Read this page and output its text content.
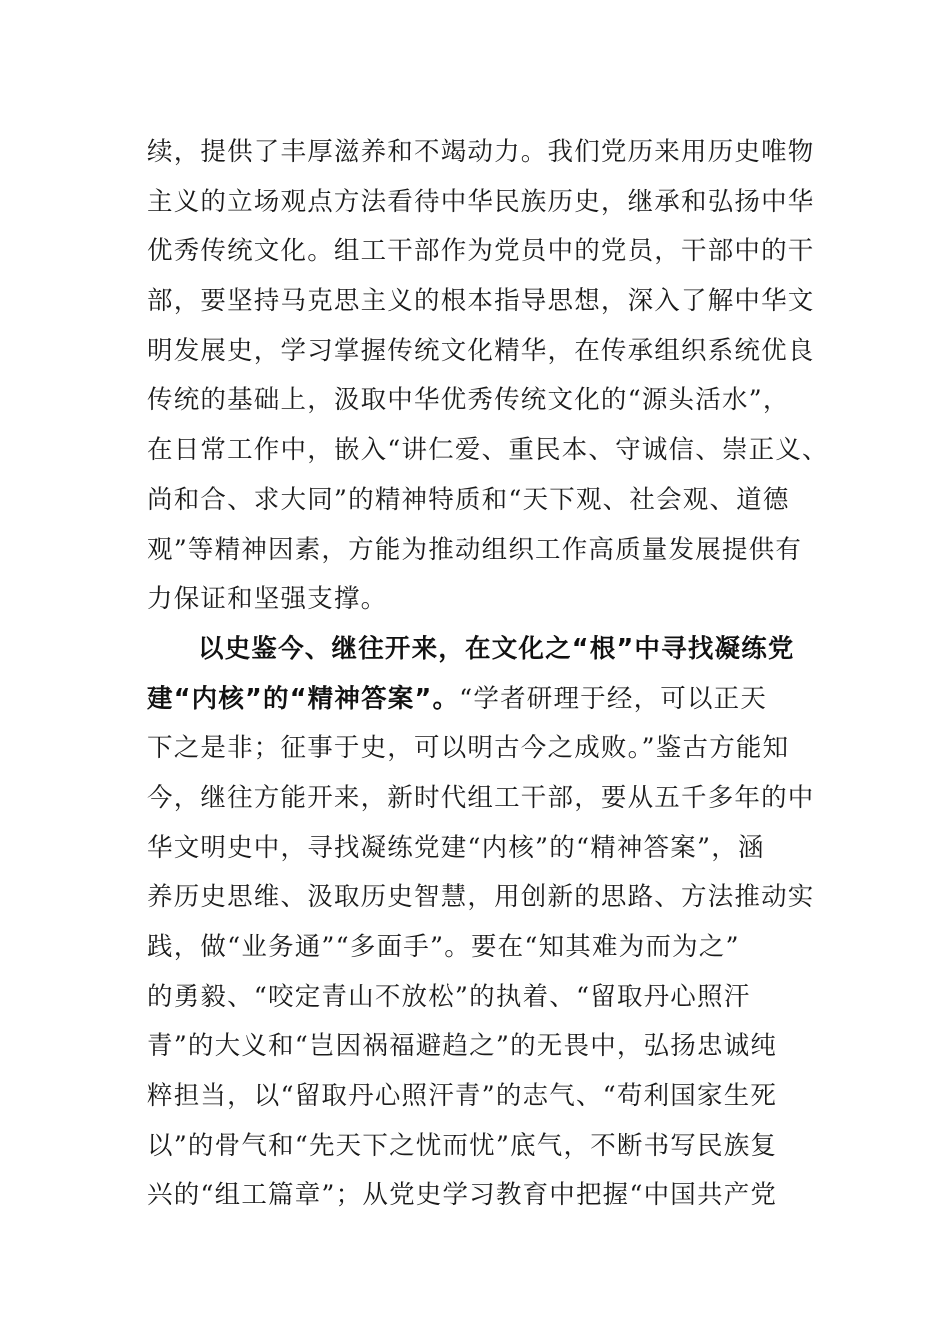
续，提供了丰厚滋养和不竭动力。我们党历来用历史唯物
主义的立场观点方法看待中华民族历史，继承和弘扬中华
优秀传统文化。组工干部作为党员中的党员，干部中的干
部，要坚持马克思主义的根本指导思想，深入了解中华文
明发展史，学习掌握传统文化精华，在传承组织系统优良
传统的基础上，汲取中华优秀传统文化的“源头活水”，
在日常工作中，嵌入“讲仁爱、重民本、守诚信、崇正义、
尚和合、求大同”的精神特质和“天下观、社会观、道德
观”等精神因素，方能为推动组织工作高质量发展提供有
力保证和坚强支撑。
以史鉴今、继往开来，在文化之“根”中寻找凝练党
建“内核”的“精神答案”。“学者研理于经，可以正天
下之是非；征事于史，可以明古今之成败。”鉴古方能知
今，继往方能开来，新时代组工干部，要从五千多年的中
华文明史中，寻找凝练党建“内核”的“精神答案”，涵
养历史思维、汲取历史智慧，用创新的思路、方法推动实
践，做“业务通”“多面手”。要在“知其难为而为之”
的勇毅、“咬定青山不放松”的执着、“留取丹心照汗
青”的大义和“岂因祸福避趋之”的无畏中，弘扬忠诚纯
粹担当，以“留取丹心照汗青”的志气、“苟利国家生死
以”的骨气和“先天下之忧而忧”底气，不断书写民族复
兴的“组工篇章”；从党史学习教育中把握“中国共产党
